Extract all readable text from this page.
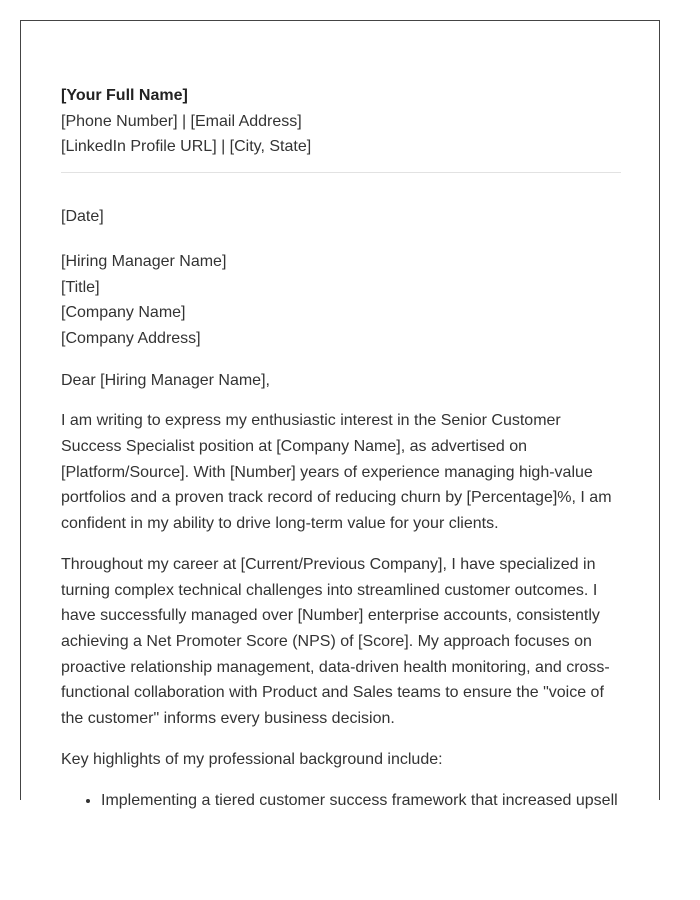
[Your Full Name]
[Phone Number] | [Email Address]
[LinkedIn Profile URL] | [City, State]
[Date]
[Hiring Manager Name]
[Title]
[Company Name]
[Company Address]
Dear [Hiring Manager Name],

I am writing to express my enthusiastic interest in the Senior Customer Success Specialist position at [Company Name], as advertised on [Platform/Source]. With [Number] years of experience managing high-value portfolios and a proven track record of reducing churn by [Percentage]%, I am confident in my ability to drive long-term value for your clients.

Throughout my career at [Current/Previous Company], I have specialized in turning complex technical challenges into streamlined customer outcomes. I have successfully managed over [Number] enterprise accounts, consistently achieving a Net Promoter Score (NPS) of [Score]. My approach focuses on proactive relationship management, data-driven health monitoring, and cross-functional collaboration with Product and Sales teams to ensure the "voice of the customer" informs every business decision.

Key highlights of my professional background include:

• Implementing a tiered customer success framework that increased upsell
